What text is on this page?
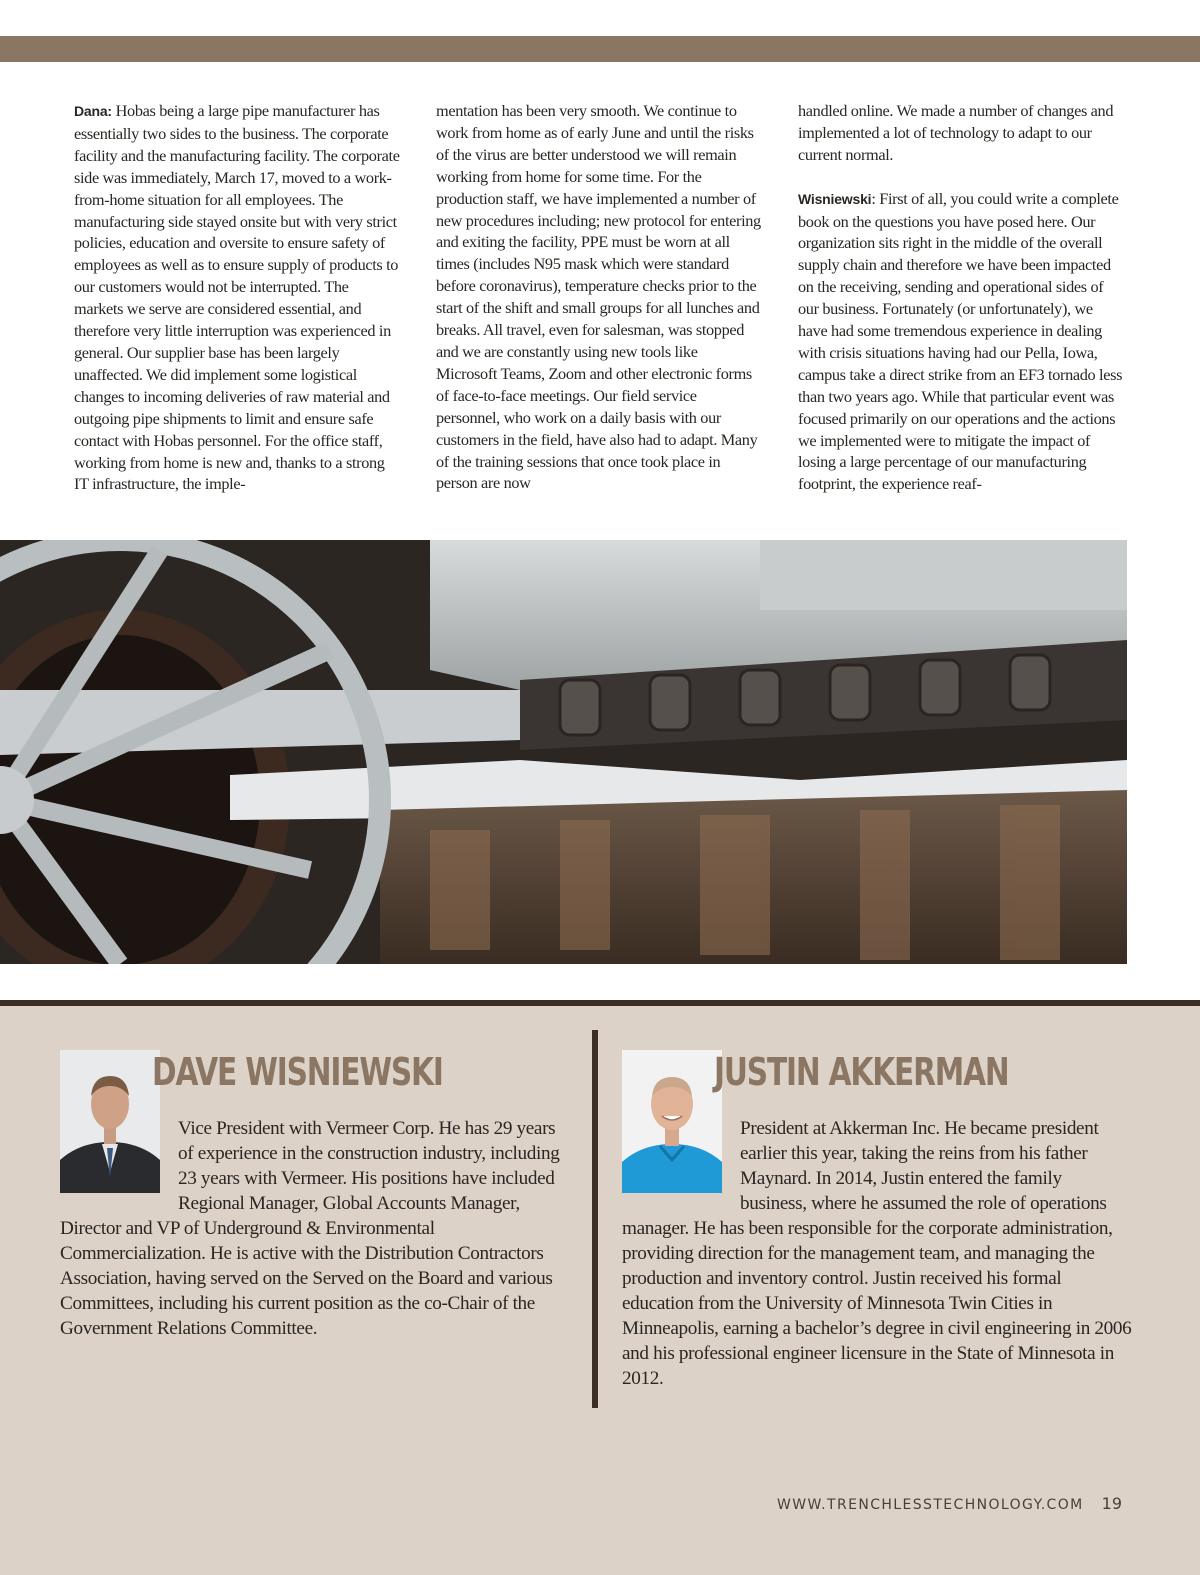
Dana: Hobas being a large pipe manufacturer has essentially two sides to the business. The corporate facility and the manufacturing facility. The corporate side was immediately, March 17, moved to a work-from-home situation for all employees. The manufacturing side stayed onsite but with very strict policies, education and oversite to ensure safety of employees as well as to ensure supply of products to our customers would not be interrupted. The markets we serve are considered essential, and therefore very little interruption was experienced in general. Our supplier base has been largely unaffected. We did implement some logistical changes to incoming deliveries of raw material and outgoing pipe shipments to limit and ensure safe contact with Hobas personnel. For the office staff, working from home is new and, thanks to a strong IT infrastructure, the imple-

mentation has been very smooth. We continue to work from home as of early June and until the risks of the virus are better understood we will remain working from home for some time. For the production staff, we have implemented a number of new procedures including; new protocol for entering and exiting the facility, PPE must be worn at all times (includes N95 mask which were standard before coronavirus), temperature checks prior to the start of the shift and small groups for all lunches and breaks. All travel, even for salesman, was stopped and we are constantly using new tools like Microsoft Teams, Zoom and other electronic forms of face-to-face meetings. Our field service personnel, who work on a daily basis with our customers in the field, have also had to adapt. Many of the training sessions that once took place in person are now

handled online. We made a number of changes and implemented a lot of technology to adapt to our current normal.

Wisniewski: First of all, you could write a complete book on the questions you have posed here. Our organization sits right in the middle of the overall supply chain and therefore we have been impacted on the receiving, sending and operational sides of our business. Fortunately (or unfortunately), we have had some tremendous experience in dealing with crisis situations having had our Pella, Iowa, campus take a direct strike from an EF3 tornado less than two years ago. While that particular event was focused primarily on our operations and the actions we implemented were to mitigate the impact of losing a large percentage of our manufacturing footprint, the experience reaf-

DAVE WISNIEWSKI

Vice President with Vermeer Corp. He has 29 years of experience in the construction industry, including 23 years with Vermeer. His positions have included Regional Manager, Global Accounts Manager, Director and VP of Underground & Environmental Commercialization. He is active with the Distribution Contractors Association, having served on the Served on the Board and various Committees, including his current position as the co-Chair of the Government Relations Committee.

JUSTIN AKKERMAN

President at Akkerman Inc. He became president earlier this year, taking the reins from his father Maynard. In 2014, Justin entered the family business, where he assumed the role of operations manager. He has been responsible for the corporate administration, providing direction for the management team, and managing the production and inventory control. Justin received his formal education from the University of Minnesota Twin Cities in Minneapolis, earning a bachelor’s degree in civil engineering in 2006 and his professional engineer licensure in the State of Minnesota in 2012.

WWW.TRENCHLESSTECHNOLOGY.COM 19
